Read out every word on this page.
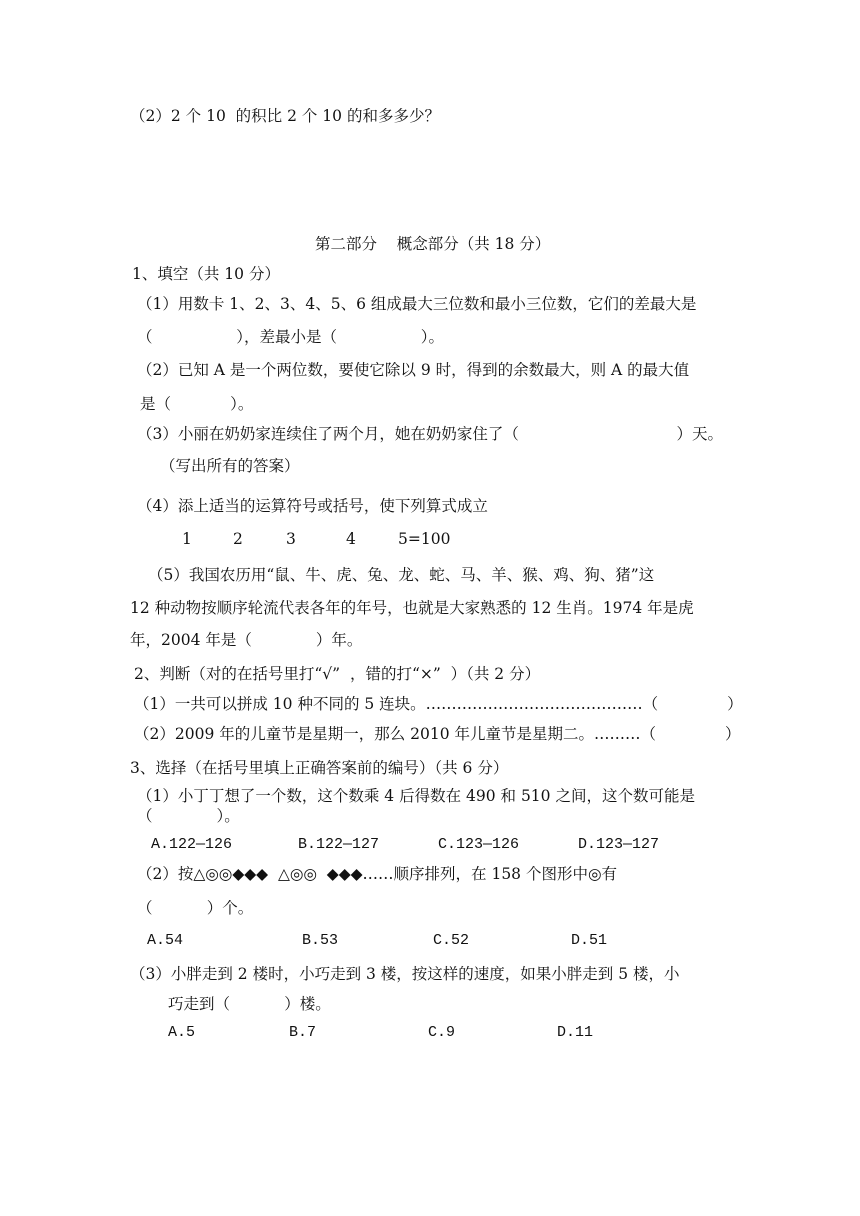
（2）2 个 10  的积比 2 个 10 的和多多少？
第二部分    概念部分（共 18 分）
1、填空（共 10 分）
（1）用数卡 1、2、3、4、5、6 组成最大三位数和最小三位数，它们的差最大是
（                 ），差最小是（                 ）。
（2）已知 A 是一个两位数，要使它除以 9 时，得到的余数最大，则 A 的最大值
是（            ）。
（3）小丽在奶奶家连续住了两个月，她在奶奶家住了（                                ）天。
（写出所有的答案）
（4）添上适当的运算符号或括号，使下列算式成立
1	2	3	4	5=100
（5）我国农历用“鼠、牛、虎、兔、龙、蛇、马、羊、猴、鸡、狗、猪”这
12 种动物按顺序轮流代表各年的年号，也就是大家熟悉的 12 生肖。1974 年是虎
年，2004 年是（             ）年。
2、判断（对的在括号里打“√”  ，错的打“×”  ）（共 2 分）
（1）一共可以拼成 10 种不同的 5 连块。……………………………………（              ）
（2）2009 年的儿童节是星期一，那么 2010 年儿童节是星期二。………（              ）
3、选择（在括号里填上正确答案前的编号）（共 6 分）
（1）小丁丁想了一个数，这个数乘 4 后得数在 490 和 510 之间，这个数可能是
（             ）。
A.122—126	B.122—127	C.123—126	D.123—127
（2）按△◎◎◆◆◆  △◎◎  ◆◆◆……顺序排列，在 158 个图形中◎有
（           ）个。
A.54	B.53	C.52	D.51
（3）小胖走到 2 楼时，小巧走到 3 楼，按这样的速度，如果小胖走到 5 楼，小
巧走到（           ）楼。
A.5	B.7	C.9	D.11
